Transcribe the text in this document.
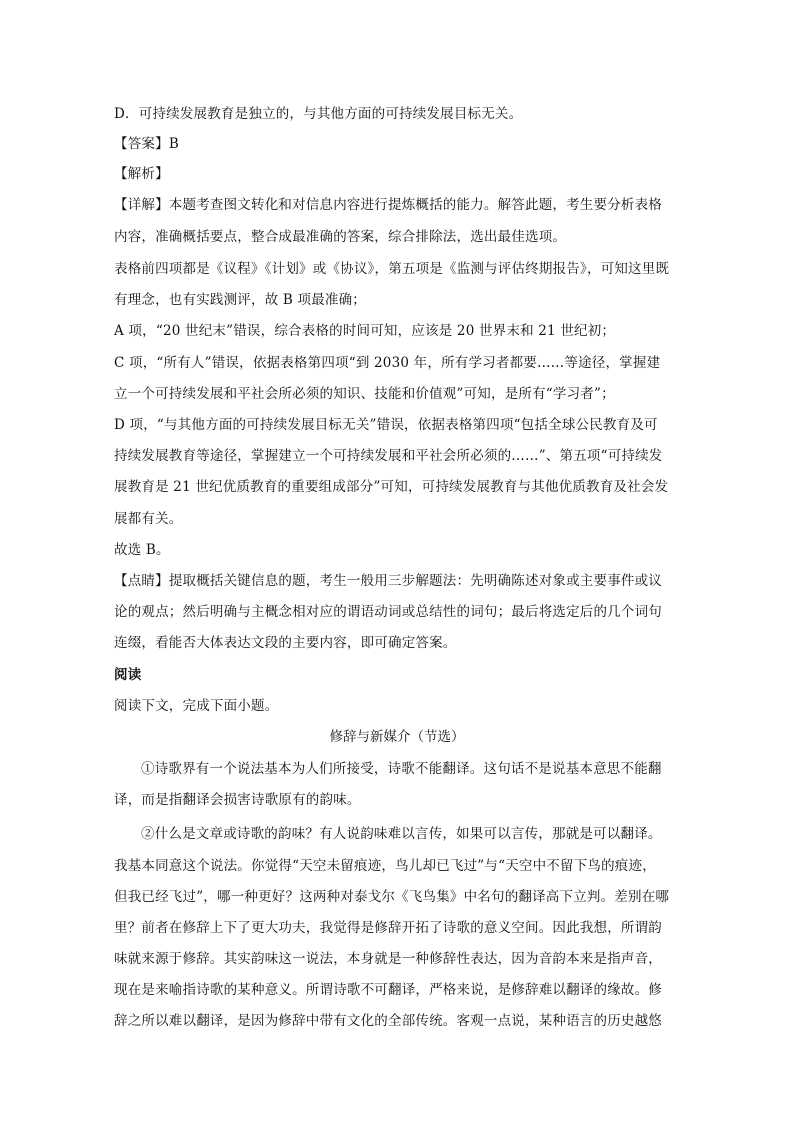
D．可持续发展教育是独立的，与其他方面的可持续发展目标无关。
【答案】B
【解析】
【详解】本题考查图文转化和对信息内容进行提炼概括的能力。解答此题，考生要分析表格
内容，准确概括要点，整合成最准确的答案，综合排除法，选出最佳选项。
表格前四项都是《议程》《计划》或《协议》，第五项是《监测与评估终期报告》，可知这里既
有理念，也有实践测评，故 B 项最准确；
A 项，“20 世纪末”错误，综合表格的时间可知，应该是 20 世界末和 21 世纪初；
C 项，“所有人”错误，依据表格第四项“到 2030 年，所有学习者都要……等途径，掌握建
立一个可持续发展和平社会所必须的知识、技能和价值观”可知，是所有“学习者”；
D 项，“与其他方面的可持续发展目标无关”错误，依据表格第四项“包括全球公民教育及可
持续发展教育等途径，掌握建立一个可持续发展和平社会所必须的……”、第五项“可持续发
展教育是 21 世纪优质教育的重要组成部分”可知，可持续发展教育与其他优质教育及社会发
展都有关。
故选 B。
【点睛】提取概括关键信息的题，考生一般用三步解题法：先明确陈述对象或主要事件或议
论的观点；然后明确与主概念相对应的谓语动词或总结性的词句；最后将选定后的几个词句
连缀，看能否大体表达文段的主要内容，即可确定答案。
阅读
阅读下文，完成下面小题。
修辞与新媒介（节选）
①诗歌界有一个说法基本为人们所接受，诗歌不能翻译。这句话不是说基本意思不能翻
译，而是指翻译会损害诗歌原有的韵味。
②什么是文章或诗歌的韵味？有人说韵味难以言传，如果可以言传，那就是可以翻译。
我基本同意这个说法。你觉得“天空未留痕迹，鸟儿却已飞过”与“天空中不留下鸟的痕迹，
但我已经飞过”，哪一种更好？这两种对泰戈尔《飞鸟集》中名句的翻译高下立判。差别在哪
里？前者在修辞上下了更大功夫，我觉得是修辞开拓了诗歌的意义空间。因此我想，所谓韵
味就来源于修辞。其实韵味这一说法，本身就是一种修辞性表达，因为音韵本来是指声音，
现在是来喻指诗歌的某种意义。所谓诗歌不可翻译，严格来说，是修辞难以翻译的缘故。修
辞之所以难以翻译，是因为修辞中带有文化的全部传统。客观一点说，某种语言的历史越悠
